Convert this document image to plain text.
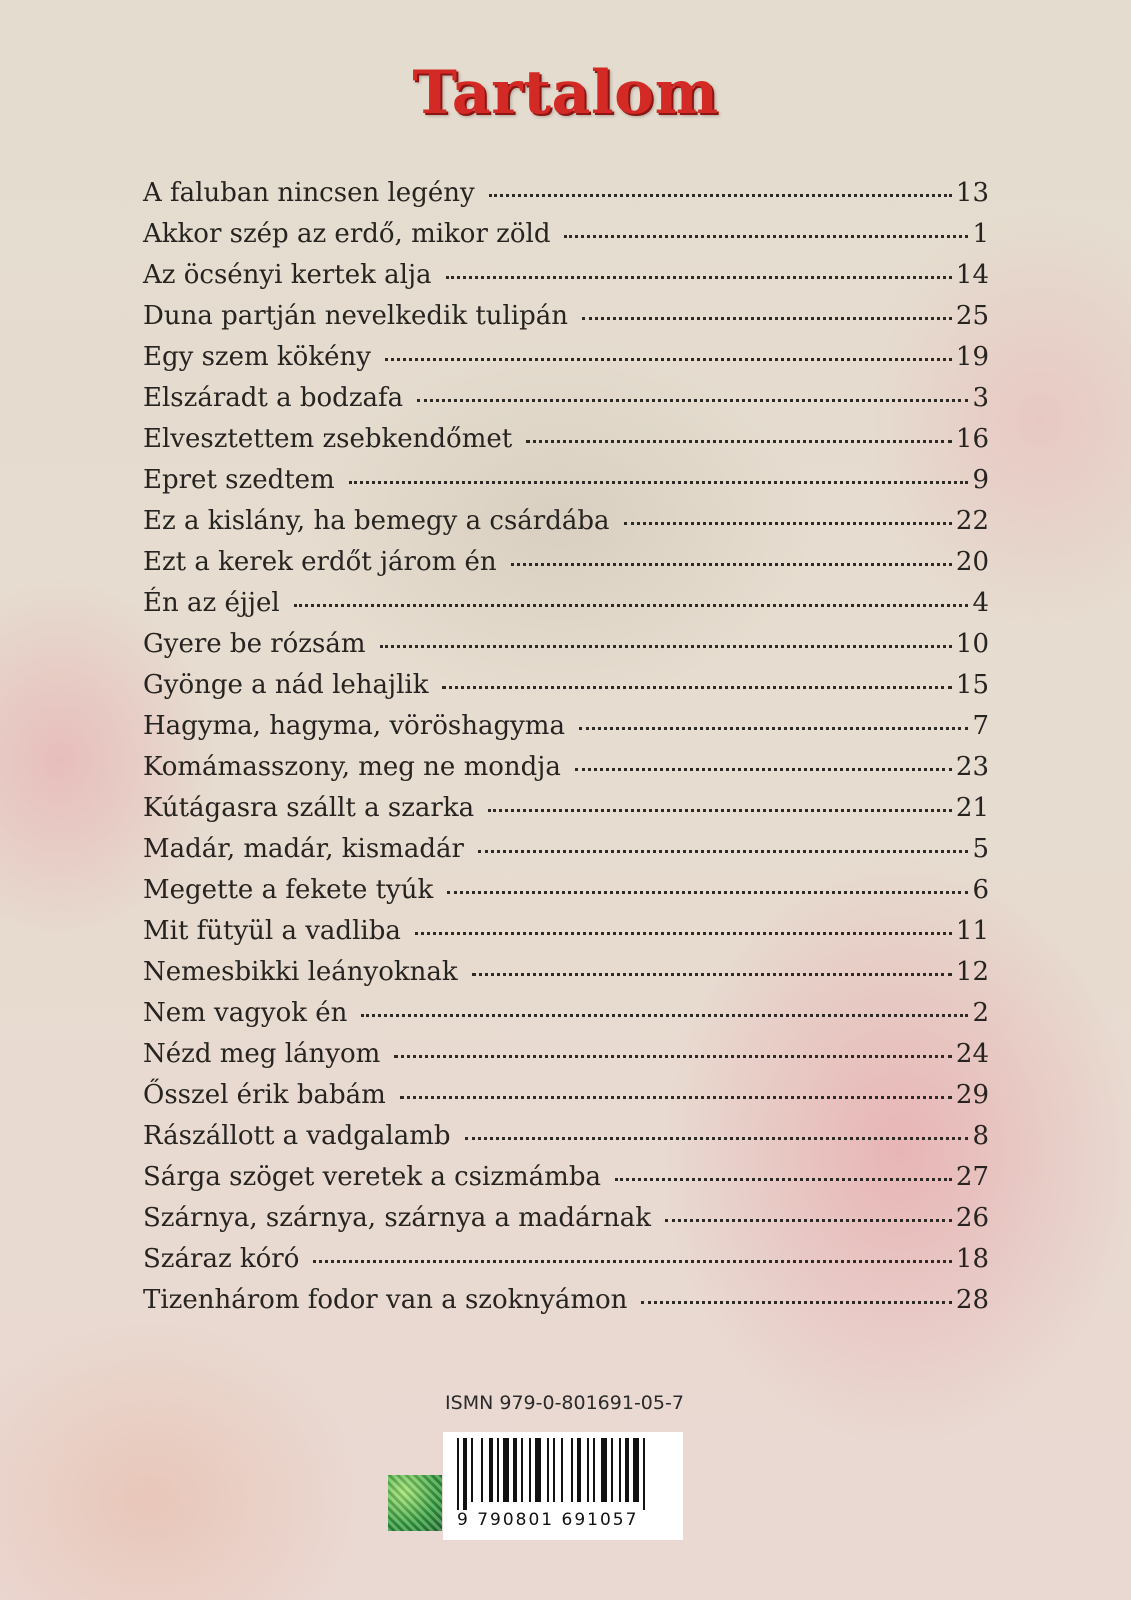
Tartalom
A faluban nincsen legény	13
Akkor szép az erdő, mikor zöld	1
Az öcsényi kertek alja	14
Duna partján nevelkedik tulipán	25
Egy szem kökény	19
Elszáradt a bodzafa	3
Elvesztettem zsebkendőmet	16
Epret szedtem	9
Ez a kislány, ha bemegy a csárdába	22
Ezt a kerek erdőt járom én	20
Én az éjjel	4
Gyere be rózsám	10
Gyönge a nád lehajlik	15
Hagyma, hagyma, vöröshagyma	7
Komámasszony, meg ne mondja	23
Kútágasra szállt a szarka	21
Madár, madár, kismadár	5
Megette a fekete tyúk	6
Mit fütyül a vadliba	11
Nemesbikki leányoknak	12
Nem vagyok én	2
Nézd meg lányom	24
Ősszel érik babám	29
Rászállott a vadgalamb	8
Sárga szöget veretek a csizmámba	27
Szárnya, szárnya, szárnya a madárnak	26
Száraz kóró	18
Tizenhárom fodor van a szoknyámon	28
ISMN 979-0-801691-05-7
9 790801 691057
